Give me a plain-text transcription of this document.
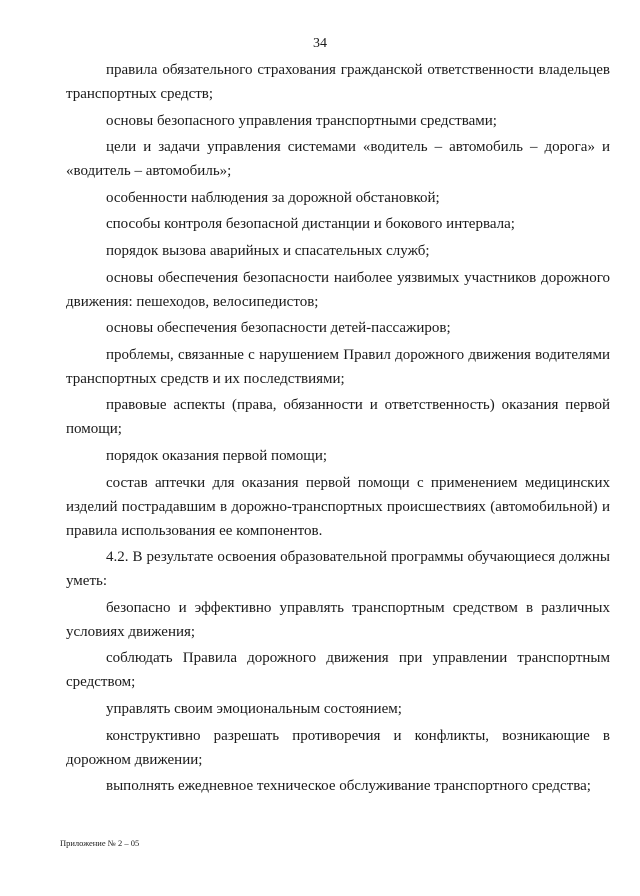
34

правила обязательного страхования гражданской ответственности владельцев транспортных средств;

основы безопасного управления транспортными средствами;

цели и задачи управления системами «водитель – автомобиль – дорога» и «водитель – автомобиль»;

особенности наблюдения за дорожной обстановкой;

способы контроля безопасной дистанции и бокового интервала;

порядок вызова аварийных и спасательных служб;

основы обеспечения безопасности наиболее уязвимых участников дорожного движения: пешеходов, велосипедистов;

основы обеспечения безопасности детей-пассажиров;

проблемы, связанные с нарушением Правил дорожного движения водителями транспортных средств и их последствиями;

правовые аспекты (права, обязанности и ответственность) оказания первой помощи;

порядок оказания первой помощи;

состав аптечки для оказания первой помощи с применением медицинских изделий пострадавшим в дорожно-транспортных происшествиях (автомобильной) и правила использования ее компонентов.

4.2. В результате освоения образовательной программы обучающиеся должны уметь:

безопасно и эффективно управлять транспортным средством в различных условиях движения;

соблюдать Правила дорожного движения при управлении транспортным средством;

управлять своим эмоциональным состоянием;

конструктивно разрешать противоречия и конфликты, возникающие в дорожном движении;

выполнять ежедневное техническое обслуживание транспортного средства;

Приложение № 2 – 05
